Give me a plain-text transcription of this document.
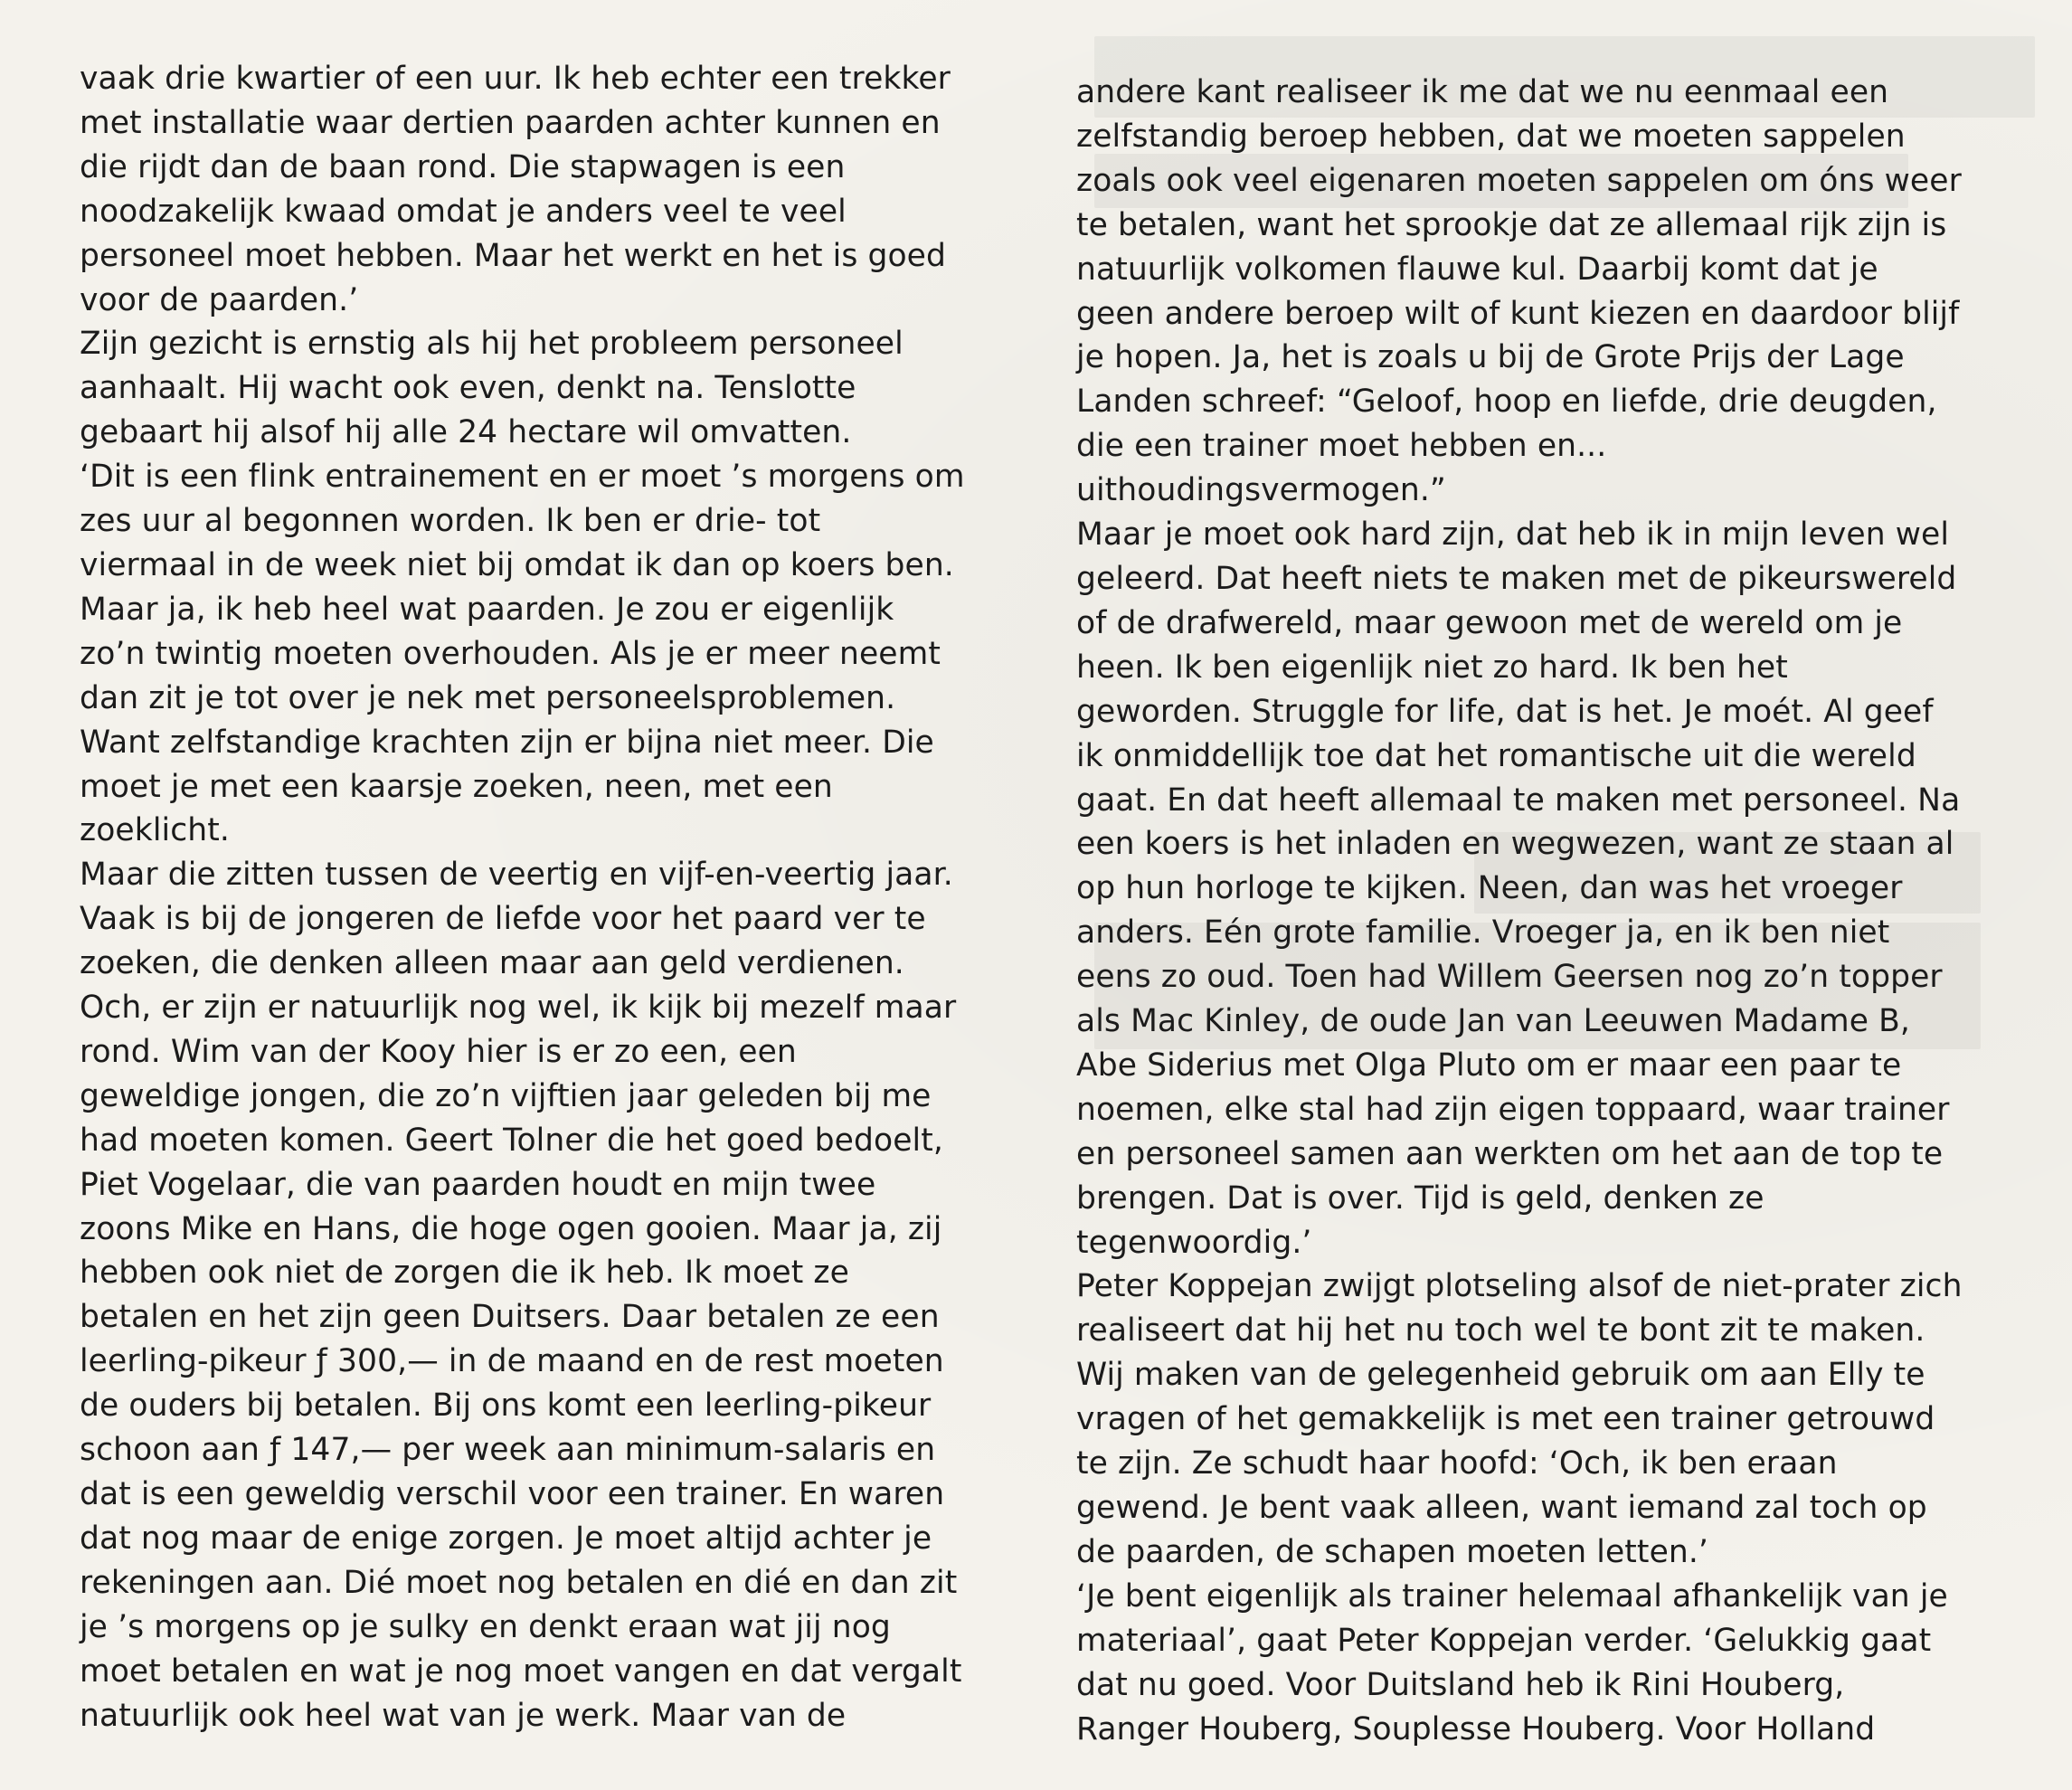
vaak drie kwartier of een uur. Ik heb echter een trekker
met installatie waar dertien paarden achter kunnen en
die rijdt dan de baan rond. Die stapwagen is een
noodzakelijk kwaad omdat je anders veel te veel
personeel moet hebben. Maar het werkt en het is goed
voor de paarden.’
Zijn gezicht is ernstig als hij het probleem personeel
aanhaalt. Hij wacht ook even, denkt na. Tenslotte
gebaart hij alsof hij alle 24 hectare wil omvatten.
‘Dit is een flink entrainement en er moet ’s morgens om
zes uur al begonnen worden. Ik ben er drie- tot
viermaal in de week niet bij omdat ik dan op koers ben.
Maar ja, ik heb heel wat paarden. Je zou er eigenlijk
zo’n twintig moeten overhouden. Als je er meer neemt
dan zit je tot over je nek met personeelsproblemen.
Want zelfstandige krachten zijn er bijna niet meer. Die
moet je met een kaarsje zoeken, neen, met een
zoeklicht.
Maar die zitten tussen de veertig en vijf-en-veertig jaar.
Vaak is bij de jongeren de liefde voor het paard ver te
zoeken, die denken alleen maar aan geld verdienen.
Och, er zijn er natuurlijk nog wel, ik kijk bij mezelf maar
rond. Wim van der Kooy hier is er zo een, een
geweldige jongen, die zo’n vijftien jaar geleden bij me
had moeten komen. Geert Tolner die het goed bedoelt,
Piet Vogelaar, die van paarden houdt en mijn twee
zoons Mike en Hans, die hoge ogen gooien. Maar ja, zij
hebben ook niet de zorgen die ik heb. Ik moet ze
betalen en het zijn geen Duitsers. Daar betalen ze een
leerling-pikeur ƒ 300,— in de maand en de rest moeten
de ouders bij betalen. Bij ons komt een leerling-pikeur
schoon aan ƒ 147,— per week aan minimum-salaris en
dat is een geweldig verschil voor een trainer. En waren
dat nog maar de enige zorgen. Je moet altijd achter je
rekeningen aan. Dié moet nog betalen en dié en dan zit
je ’s morgens op je sulky en denkt eraan wat jij nog
moet betalen en wat je nog moet vangen en dat vergalt
natuurlijk ook heel wat van je werk. Maar van de
andere kant realiseer ik me dat we nu eenmaal een
zelfstandig beroep hebben, dat we moeten sappelen
zoals ook veel eigenaren moeten sappelen om óns weer
te betalen, want het sprookje dat ze allemaal rijk zijn is
natuurlijk volkomen flauwe kul. Daarbij komt dat je
geen andere beroep wilt of kunt kiezen en daardoor blijf
je hopen. Ja, het is zoals u bij de Grote Prijs der Lage
Landen schreef: “Geloof, hoop en liefde, drie deugden,
die een trainer moet hebben en...
uithoudingsvermogen.”
Maar je moet ook hard zijn, dat heb ik in mijn leven wel
geleerd. Dat heeft niets te maken met de pikeurswereld
of de drafwereld, maar gewoon met de wereld om je
heen. Ik ben eigenlijk niet zo hard. Ik ben het
geworden. Struggle for life, dat is het. Je moét. Al geef
ik onmiddellijk toe dat het romantische uit die wereld
gaat. En dat heeft allemaal te maken met personeel. Na
een koers is het inladen en wegwezen, want ze staan al
op hun horloge te kijken. Neen, dan was het vroeger
anders. Eén grote familie. Vroeger ja, en ik ben niet
eens zo oud. Toen had Willem Geersen nog zo’n topper
als Mac Kinley, de oude Jan van Leeuwen Madame B,
Abe Siderius met Olga Pluto om er maar een paar te
noemen, elke stal had zijn eigen toppaard, waar trainer
en personeel samen aan werkten om het aan de top te
brengen. Dat is over. Tijd is geld, denken ze
tegenwoordig.’
Peter Koppejan zwijgt plotseling alsof de niet-prater zich
realiseert dat hij het nu toch wel te bont zit te maken.
Wij maken van de gelegenheid gebruik om aan Elly te
vragen of het gemakkelijk is met een trainer getrouwd
te zijn. Ze schudt haar hoofd: ‘Och, ik ben eraan
gewend. Je bent vaak alleen, want iemand zal toch op
de paarden, de schapen moeten letten.’
‘Je bent eigenlijk als trainer helemaal afhankelijk van je
materiaal’, gaat Peter Koppejan verder. ‘Gelukkig gaat
dat nu goed. Voor Duitsland heb ik Rini Houberg,
Ranger Houberg, Souplesse Houberg. Voor Holland
